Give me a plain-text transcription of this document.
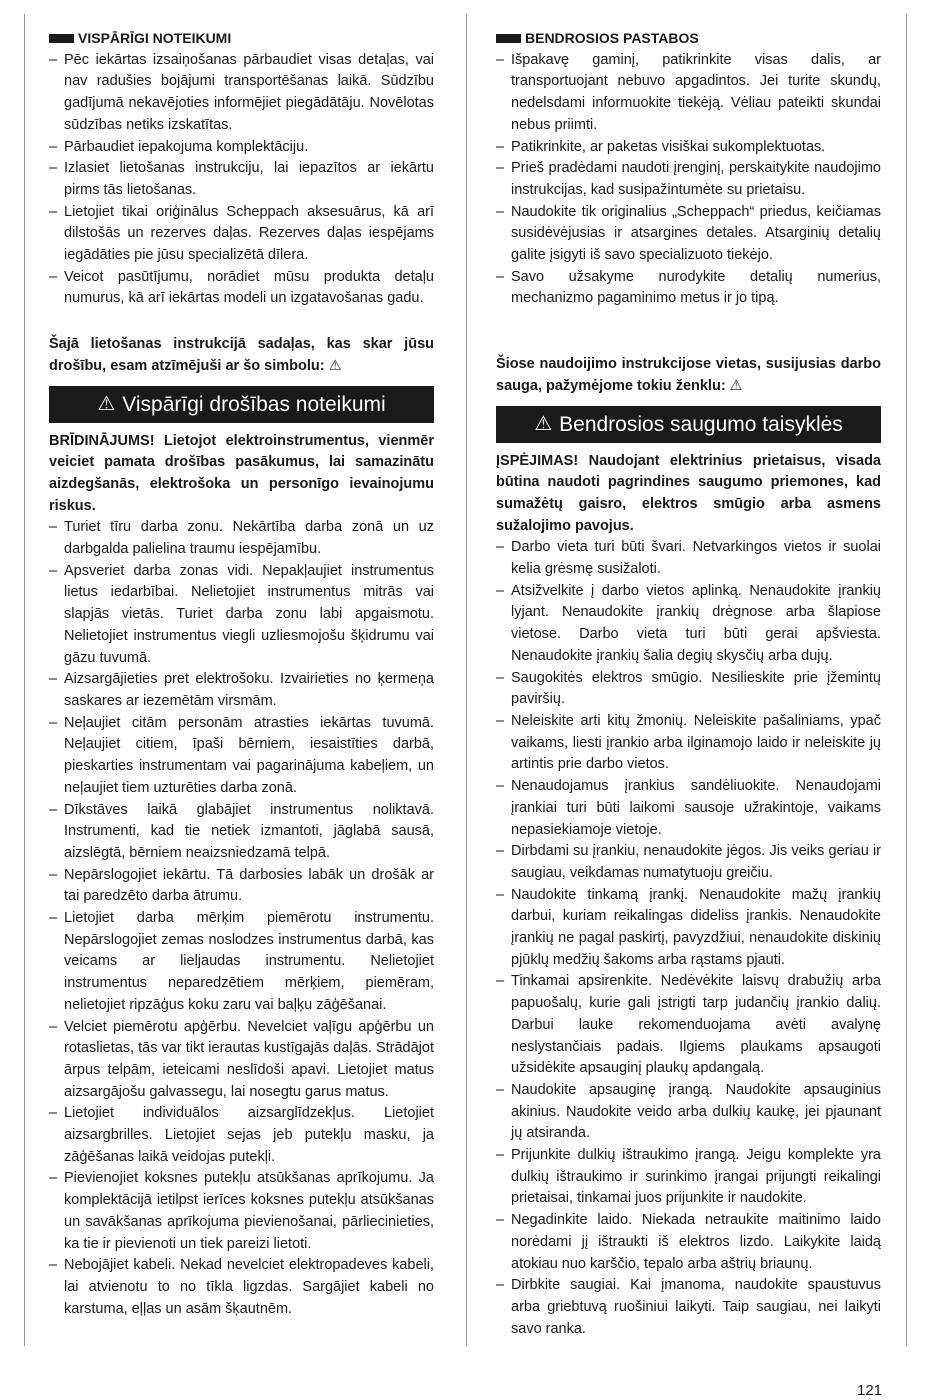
VISPĀRĪGI NOTEIKUMI
– Pēc iekārtas izsaiņošanas pārbaudiet visas detaļas, vai nav radušies bojājumi transportēšanas laikā. Sūdzību gadījumā nekavējoties informējiet piegādātāju. Novēlotas sūdzības netiks izskatītas.
– Pārbaudiet iepakojuma komplektāciju.
– Izlasiet lietošanas instrukciju, lai iepazītos ar iekārtu pirms tās lietošanas.
– Lietojiet tikai oriģinālus Scheppach aksesuārus, kā arī dilstošās un rezerves daļas. Rezerves daļas iespējams iegādāties pie jūsu specializētā dīlera.
– Veicot pasūtījumu, norādiet mūsu produkta detaļu numurus, kā arī iekārtas modeli un izgatavošanas gadu.
Šajā lietošanas instrukcijā sadaļas, kas skar jūsu drošību, esam atzīmējuši ar šo simbolu: ⚠
⚠ Vispārīgi drošības noteikumi
BRĪDINĀJUMS! Lietojot elektroinstrumentus, vienmēr veiciet pamata drošības pasākumus, lai samazinātu aizdegšanās, elektrošoka un personīgo ievainojumu riskus.
– Turiet tīru darba zonu. Nekārtība darba zonā un uz darbgalda palielina traumu iespējamību.
– Apsveriet darba zonas vidi. Nepakļaujiet instrumentus lietus iedarbībai. Nelietojiet instrumentus mitrās vai slapjās vietās. Turiet darba zonu labi apgaismotu. Nelietojiet instrumentus viegli uzliesmojošu šķidrumu vai gāzu tuvumā.
– Aizsargājieties pret elektrošoku. Izvairieties no ķermeņa saskares ar iezemētām virsmām.
– Neļaujiet citām personām atrasties iekārtas tuvumā. Neļaujiet citiem, īpaši bērniem, iesaistīties darbā, pieskarties instrumentam vai pagarinājuma kabeļiem, un neļaujiet tiem uzturēties darba zonā.
– Dīkstāves laikā glabājiet instrumentus noliktavā. Instrumenti, kad tie netiek izmantoti, jāglabā sausā, aizslēgtā, bērniem neaizsniedzamā telpā.
– Nepārslogojiet iekārtu. Tā darbosies labāk un drošāk ar tai paredzēto darba ātrumu.
– Lietojiet darba mērķim piemērotu instrumentu. Nepārslogojiet zemas noslodzes instrumentus darbā, kas veicams ar lieljaudas instrumentu. Nelietojiet instrumentus neparedzētiem mērķiem, piemēram, nelietojiet ripzāģus koku zaru vai baļķu zāģēšanai.
– Velciet piemērotu apģērbu. Nevelciet vaļīgu apģērbu un rotaslietas, tās var tikt ierautas kustīgajās daļās. Strādājot ārpus telpām, ieteicami neslīdoši apavi. Lietojiet matus aizsargājošu galvassegu, lai nosegtu garus matus.
– Lietojiet individuālos aizsarglīdzekļus. Lietojiet aizsargbrilles. Lietojiet sejas jeb putekļu masku, ja zāģēšanas laikā veidojas putekļi.
– Pievienojiet koksnes putekļu atsūkšanas aprīkojumu. Ja komplektācijā ietilpst ierīces koksnes putekļu atsūkšanas un savākšanas aprīkojuma pievienošanai, pārliecinieties, ka tie ir pievienoti un tiek pareizi lietoti.
– Nebojājiet kabeli. Nekad nevelciet elektropadeves kabeli, lai atvienotu to no tīkla ligzdas. Sargājiet kabeli no karstuma, eļļas un asām šķautnēm.
BENDROSIOS PASTABOS
– Išpakavę gaminį, patikrinkite visas dalis, ar transportuojant nebuvo apgadintos. Jei turite skundų, nedelsdami informuokite tiekėją. Vėliau pateikti skundai nebus priimti.
– Patikrinkite, ar paketas visiškai sukomplektuotas.
– Prieš pradėdami naudoti įrenginį, perskaitykite naudojimo instrukcijas, kad susipažintumėte su prietaisu.
– Naudokite tik originalius „Scheppach“ priedus, keičiamas susidėvėjusias ir atsargines detales. Atsarginių detalių galite įsigyti iš savo specializuoto tiekėjo.
– Savo užsakyme nurodykite detalių numerius, mechanizmo pagaminimo metus ir jo tipą.
Šiose naudoijimo instrukcijose vietas, susijusias darbo sauga, pažymėjome tokiu ženklu: ⚠
⚠ Bendrosios saugumo taisyklės
ĮSPĖJIMAS! Naudojant elektrinius prietaisus, visada būtina naudoti pagrindines saugumo priemones, kad sumažėtų gaisro, elektros smūgio arba asmens sužalojimo pavojus.
– Darbo vieta turi būti švari. Netvarkingos vietos ir suolai kelia grėsmę susižaloti.
– Atsižvelkite į darbo vietos aplinką. Nenaudokite įrankių lyjant. Nenaudokite įrankių drėgnose arba šlapiose vietose. Darbo vieta turi būti gerai apšviesta. Nenaudokite įrankių šalia degių skysčių arba dujų.
– Saugokitės elektros smūgio. Nesilieskite prie įžemintų paviršių.
– Neleiskite arti kitų žmonių. Neleiskite pašaliniams, ypač vaikams, liesti įrankio arba ilginamojo laido ir neleiskite jų artintis prie darbo vietos.
– Nenaudojamus įrankius sandėliuokite. Nenaudojami įrankiai turi būti laikomi sausoje užrakintoje, vaikams nepasiekiamoje vietoje.
– Dirbdami su įrankiu, nenaudokite jėgos. Jis veiks geriau ir saugiau, veikdamas numatytuoju greičiu.
– Naudokite tinkamą įrankį. Nenaudokite mažų įrankių darbui, kuriam reikalingas dideliss įrankis. Nenaudokite įrankių ne pagal paskirtį, pavyzdžiui, nenaudokite diskinių pjūklų medžių šakoms arba rąstams pjauti.
– Tinkamai apsirenkite. Nedėvėkite laisvų drabužių arba papuošalų, kurie gali įstrigti tarp judančių įrankio dalių. Darbui lauke rekomenduojama avėti avalynę neslystančiais padais. Ilgiems plaukams apsaugoti užsidėkite apsauginį plaukų apdangalą.
– Naudokite apsauginę įrangą. Naudokite apsauginius akinius. Naudokite veido arba dulkių kaukę, jei pjaunant jų atsiranda.
– Prijunkite dulkių ištraukimo įrangą. Jeigu komplekte yra dulkių ištraukimo ir surinkimo įrangai prijungti reikalingi prietaisai, tinkamai juos prijunkite ir naudokite.
– Negadinkite laido. Niekada netraukite maitinimo laido norėdami jį ištraukti iš elektros lizdo. Laikykite laidą atokiau nuo karščio, tepalo arba aštrių briaunų.
– Dirbkite saugiai. Kai įmanoma, naudokite spaustuvus arba griebtuvą ruošiniui laikyti. Taip saugiau, nei laikyti savo ranka.
121
